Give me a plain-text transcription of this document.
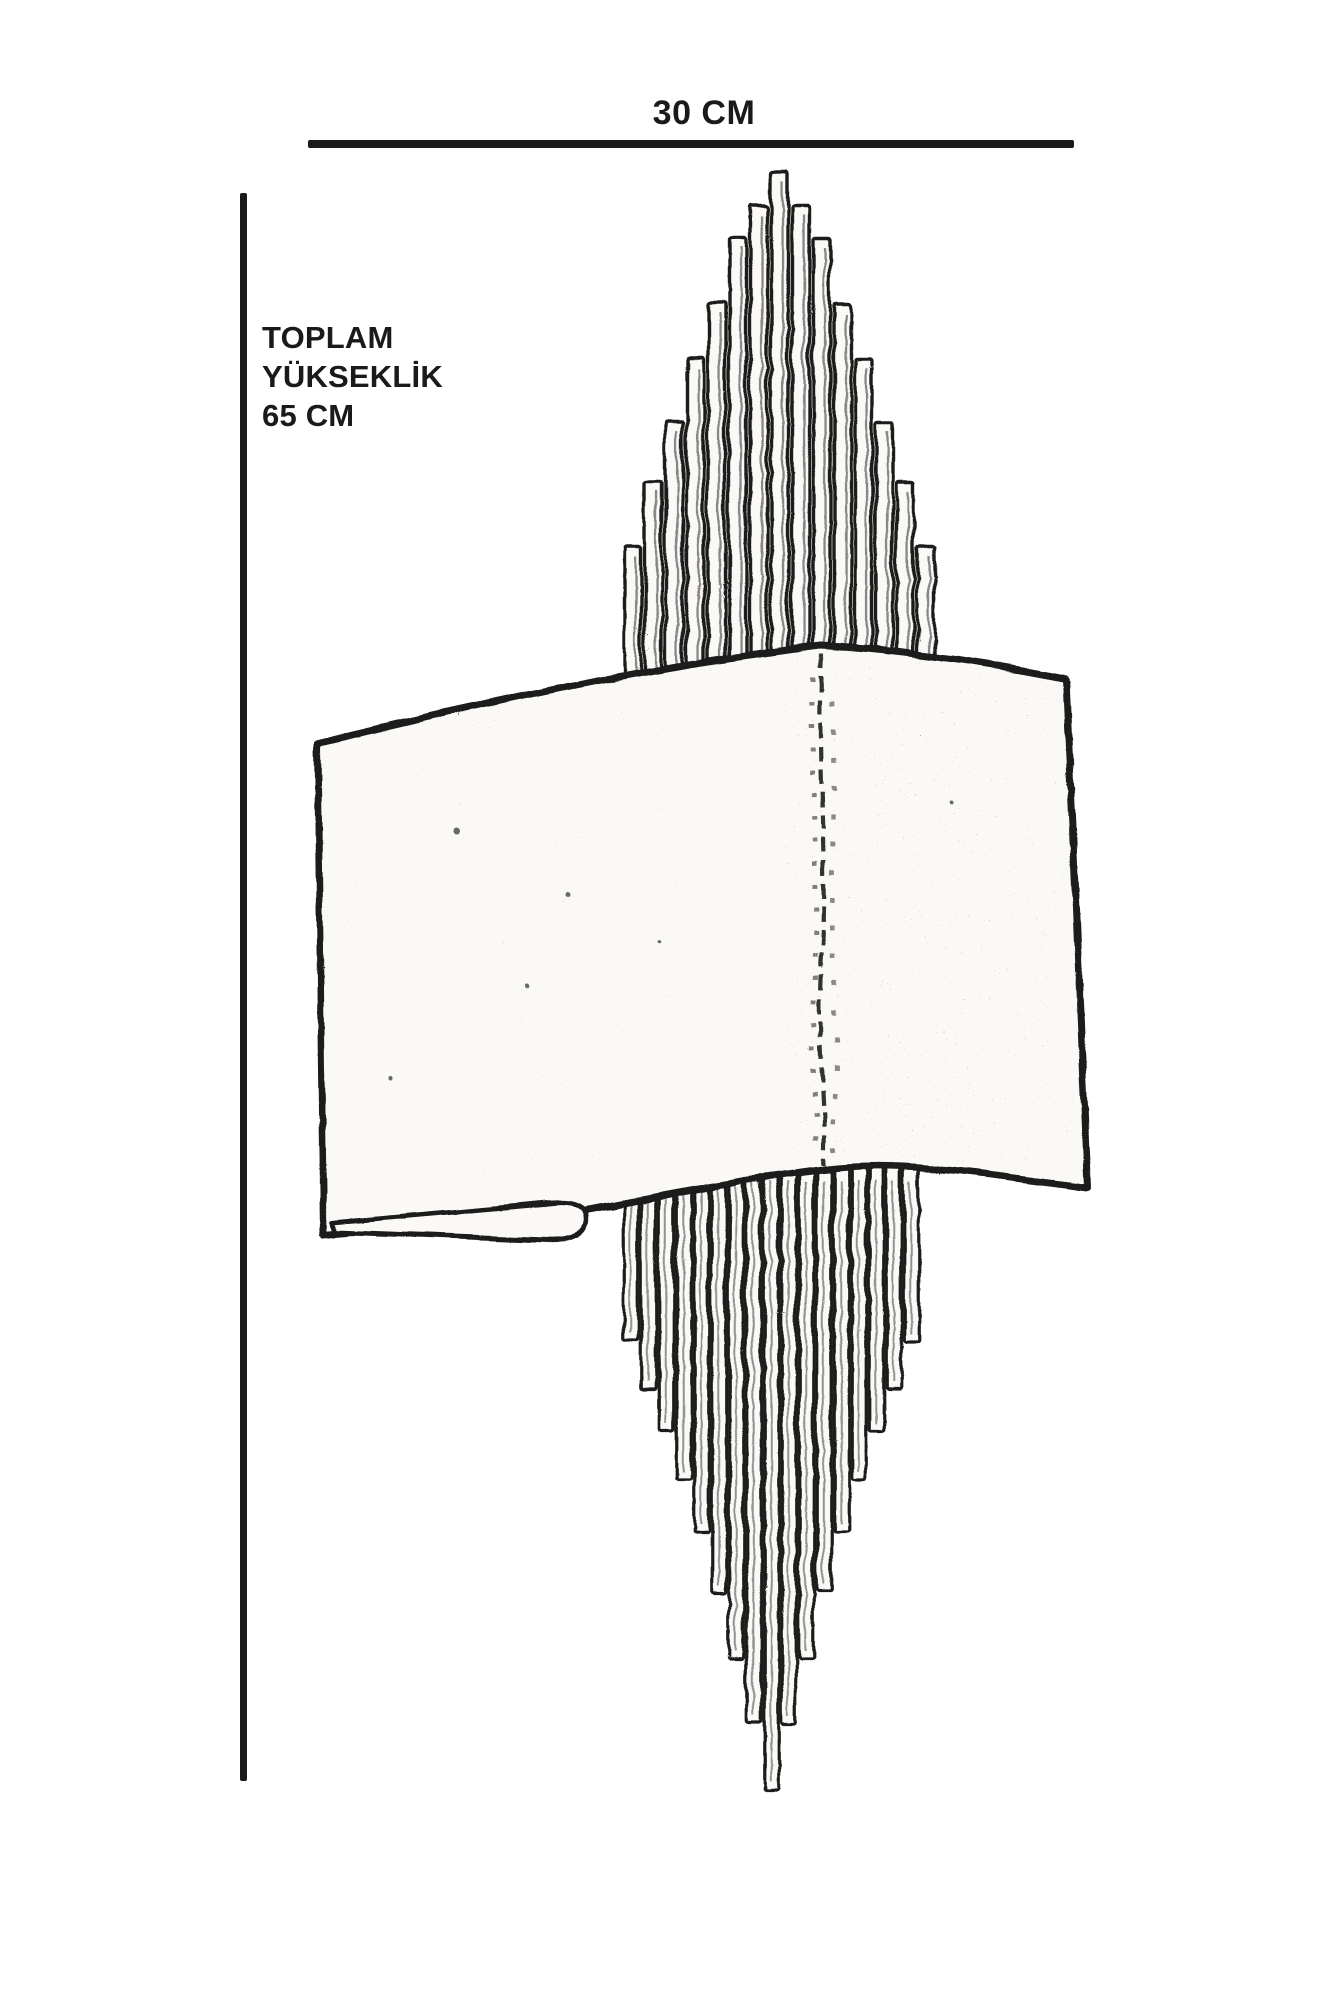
30 CM
TOPLAM
YÜKSEKLİK
65 CM
